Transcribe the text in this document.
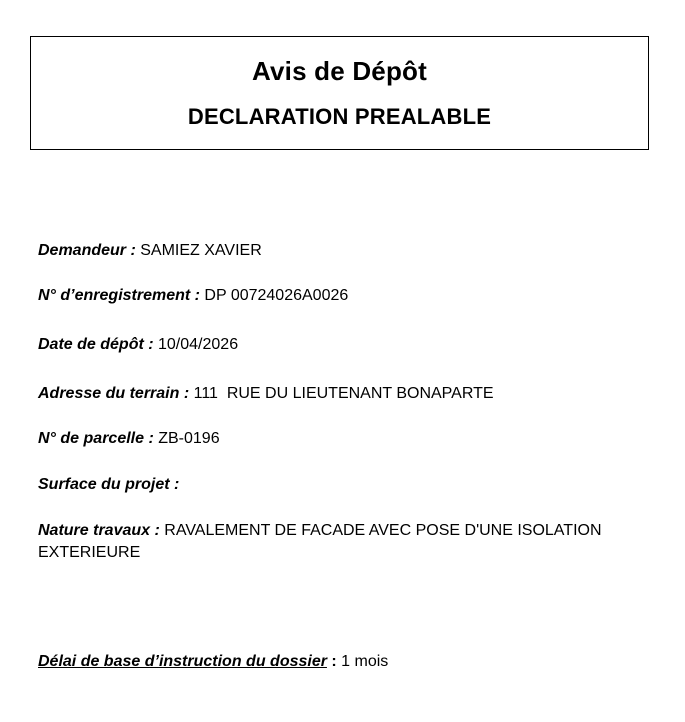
Avis de Dépôt
DECLARATION PREALABLE
Demandeur : SAMIEZ XAVIER
N° d’enregistrement : DP 00724026A0026
Date de dépôt : 10/04/2026
Adresse du terrain : 111  RUE DU LIEUTENANT BONAPARTE
N° de parcelle : ZB-0196
Surface du projet :
Nature travaux : RAVALEMENT DE FACADE AVEC POSE D'UNE ISOLATION EXTERIEURE
Délai de base d’instruction du dossier : 1 mois
